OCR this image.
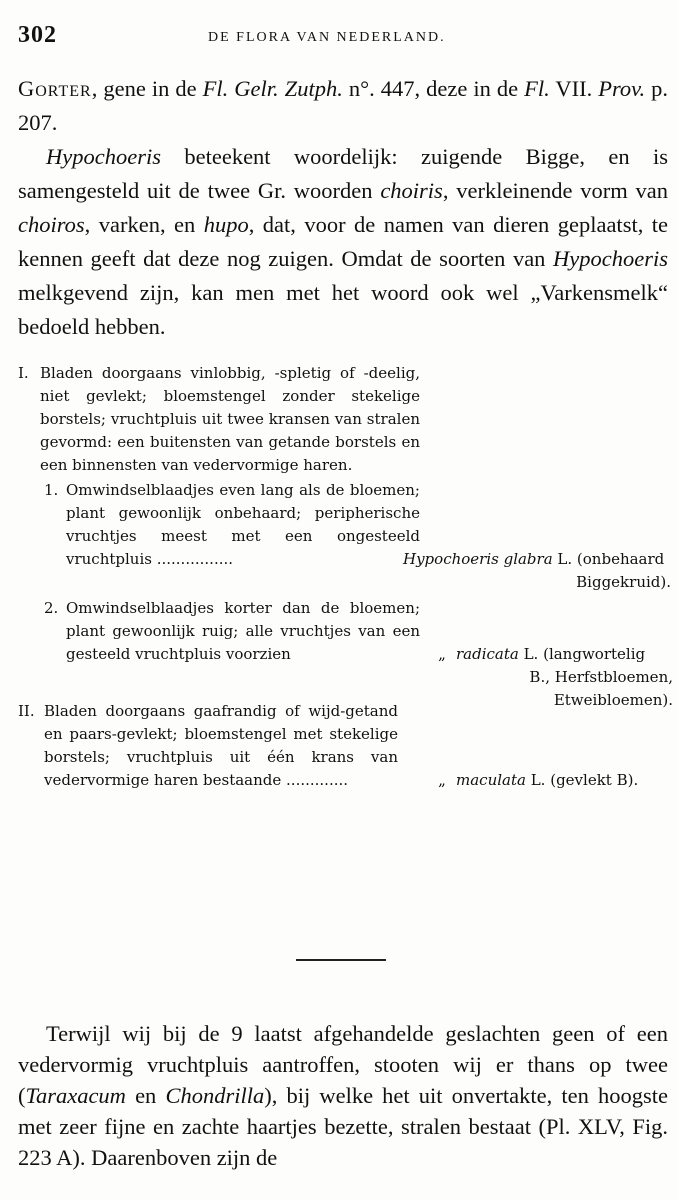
302	DE FLORA VAN NEDERLAND.

Gorter, gene in de Fl. Gelr. Zutph. n°. 447, deze in de Fl. VII. Prov. p. 207.

Hypochoeris beteekent woordelijk: zuigende Bigge, en is samengesteld uit de twee Gr. woorden choiris, verkleinende vorm van choiros, varken, en hupo, dat, voor de namen van dieren geplaatst, te kennen geeft dat deze nog zuigen. Omdat de soorten van Hypochoeris melkgevend zijn, kan men met het woord ook wel „Varkensmelk“ bedoeld hebben.

I. Bladen doorgaans vinlobbig, -spletig of -deelig, niet gevlekt; bloemstengel zonder stekelige borstels; vruchtpluis uit twee kransen van stralen gevormd: een buitensten van getande borstels en een binnensten van vedervormige haren.
1. Omwindselblaadjes even lang als de bloemen; plant gewoonlijk onbehaard; peripherische vruchtjes meest met een ongesteeld vruchtpluis ................	Hypochoeris glabra L. (onbehaard
Biggekruid).
2. Omwindselblaadjes korter dan de bloemen; plant gewoonlijk ruig; alle vruchtjes van een gesteeld vruchtpluis voorzien	„ radicata L. (langwortelig
B., Herfstbloemen,
Etweibloemen).
II. Bladen doorgaans gaafrandig of wijd-getand en paars-gevlekt; bloemstengel met stekelige borstels; vruchtpluis uit één krans van vedervormige haren bestaande .............	„ maculata L. (gevlekt B).

Terwijl wij bij de 9 laatst afgehandelde geslachten geen of een vedervormig vruchtpluis aantroffen, stooten wij er thans op twee (Taraxacum en Chondrilla), bij welke het uit onvertakte, ten hoogste met zeer fijne en zachte haartjes bezette, stralen bestaat (Pl. XLV, Fig. 223 A). Daarenboven zijn de
